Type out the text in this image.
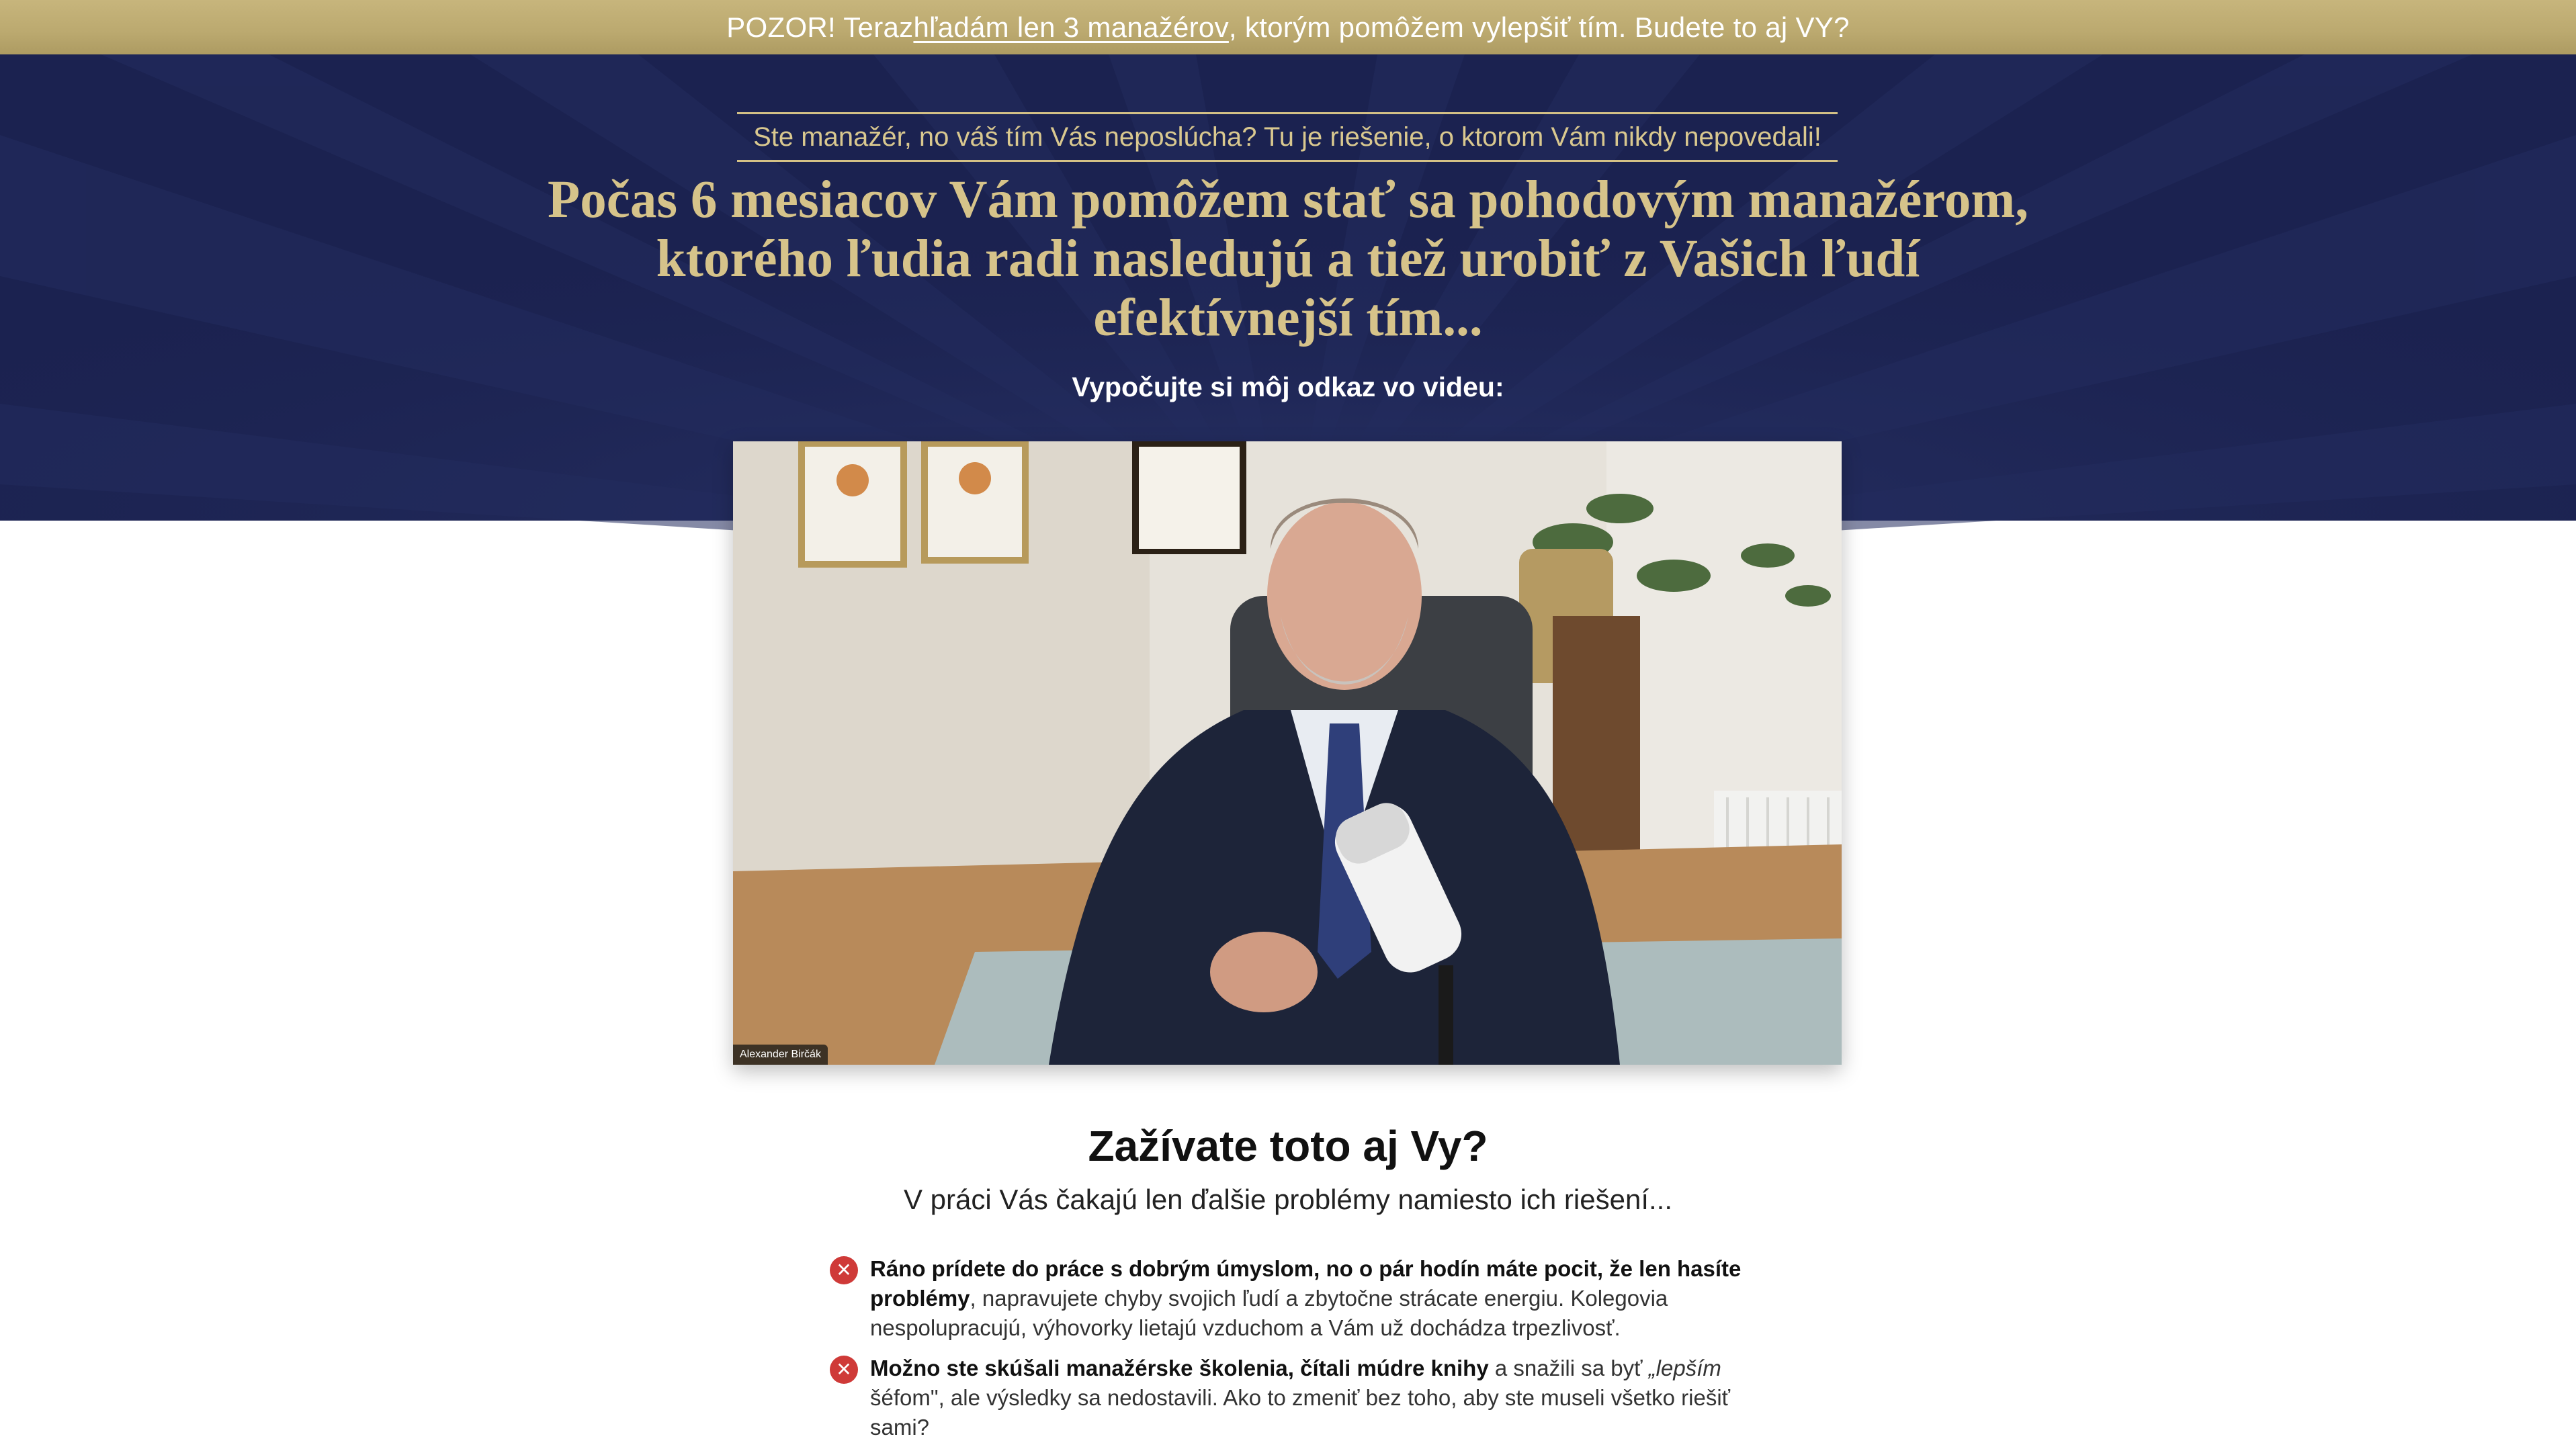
POZOR! Teraz hľadám len 3 manažérov , ktorým pomôžem vylepšiť tím. Budete to aj VY?
Ste manažér, no váš tím Vás neposlúcha? Tu je riešenie, o ktorom Vám nikdy nepovedali!
Počas 6 mesiacov Vám pomôžem stať sa pohodovým manažérom, ktorého ľudia radi nasledujú a tiež urobiť z Vašich ľudí efektívnejší tím...
Vypočujte si môj odkaz vo videu:
Alexander Birčák
Zažívate toto aj Vy?
V práci Vás čakajú len ďalšie problémy namiesto ich riešení...
✕ Ráno prídete do práce s dobrým úmyslom, no o pár hodín máte pocit, že len hasíte problémy, napravujete chyby svojich ľudí a zbytočne strácate energiu. Kolegovia nespolupracujú, výhovorky lietajú vzduchom a Vám už dochádza trpezlivosť.
✕ Možno ste skúšali manažérske školenia, čítali múdre knihy a snažili sa byť „lepším šéfom", ale výsledky sa nedostavili. Ako to zmeniť bez toho, aby ste museli všetko riešiť sami?
